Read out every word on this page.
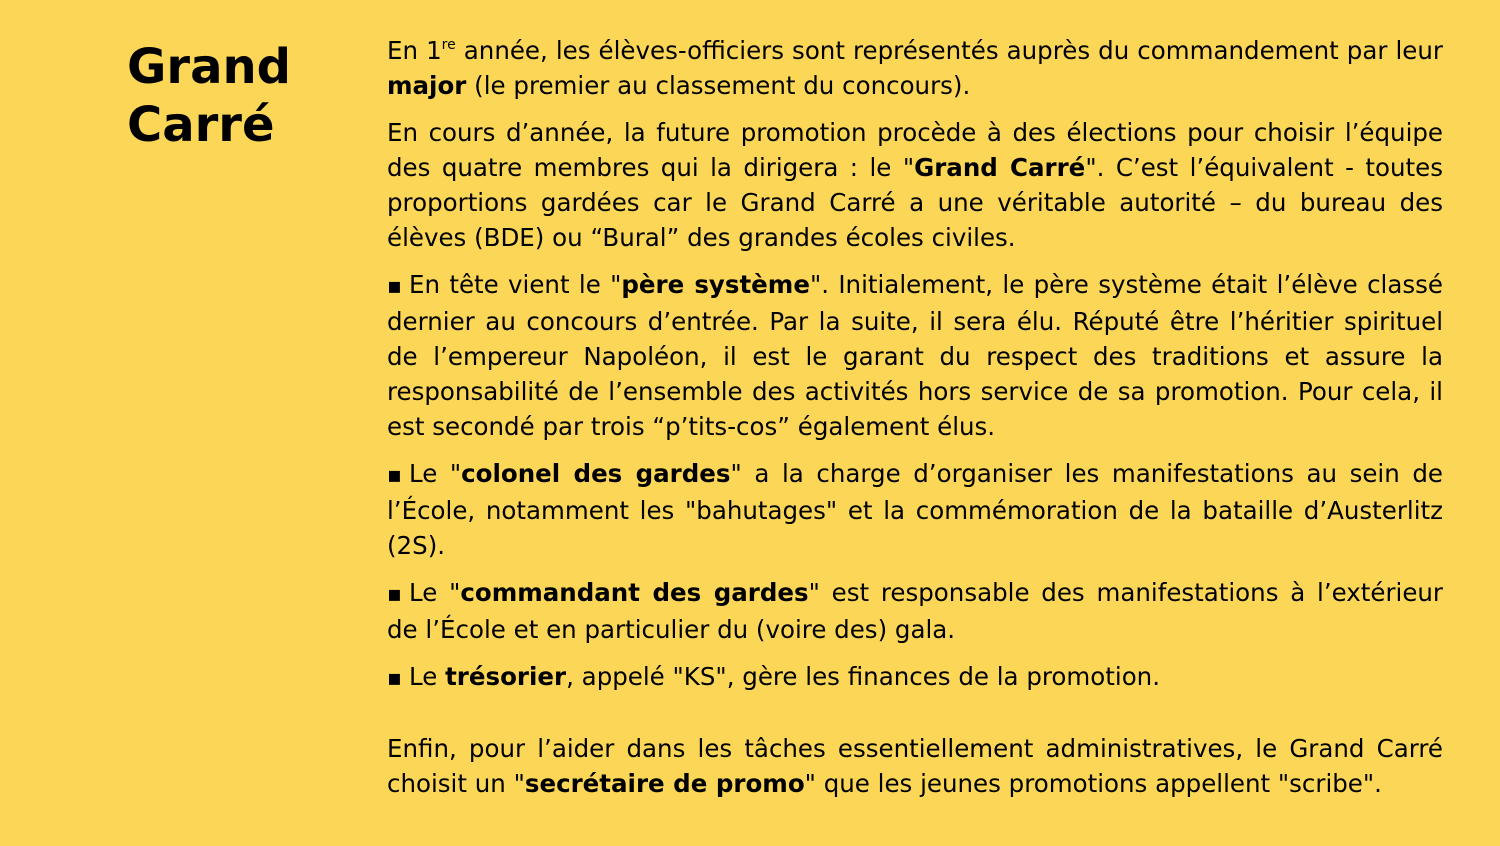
Grand
Carré

En 1re année, les élèves-officiers sont représentés auprès du commandement par leur major (le premier au classement du concours).

En cours d’année, la future promotion procède à des élections pour choisir l’équipe des quatre membres qui la dirigera : le "Grand Carré". C’est l’équivalent - toutes proportions gardées car le Grand Carré a une véritable autorité – du bureau des élèves (BDE) ou “Bural” des grandes écoles civiles.

▪ En tête vient le "père système". Initialement, le père système était l’élève classé dernier au concours d’entrée. Par la suite, il sera élu. Réputé être l’héritier spirituel de l’empereur Napoléon, il est le garant du respect des traditions et assure la responsabilité de l’ensemble des activités hors service de sa promotion. Pour cela, il est secondé par trois “p’tits-cos” également élus.

▪ Le "colonel des gardes" a la charge d’organiser les manifestations au sein de l’École, notamment les "bahutages" et la commémoration de la bataille d’Austerlitz (2S).

▪ Le "commandant des gardes" est responsable des manifestations à l’extérieur de l’École et en particulier du (voire des) gala.

▪ Le trésorier, appelé "KS", gère les finances de la promotion.

Enfin, pour l’aider dans les tâches essentiellement administratives, le Grand Carré choisit un "secrétaire de promo" que les jeunes promotions appellent "scribe".
